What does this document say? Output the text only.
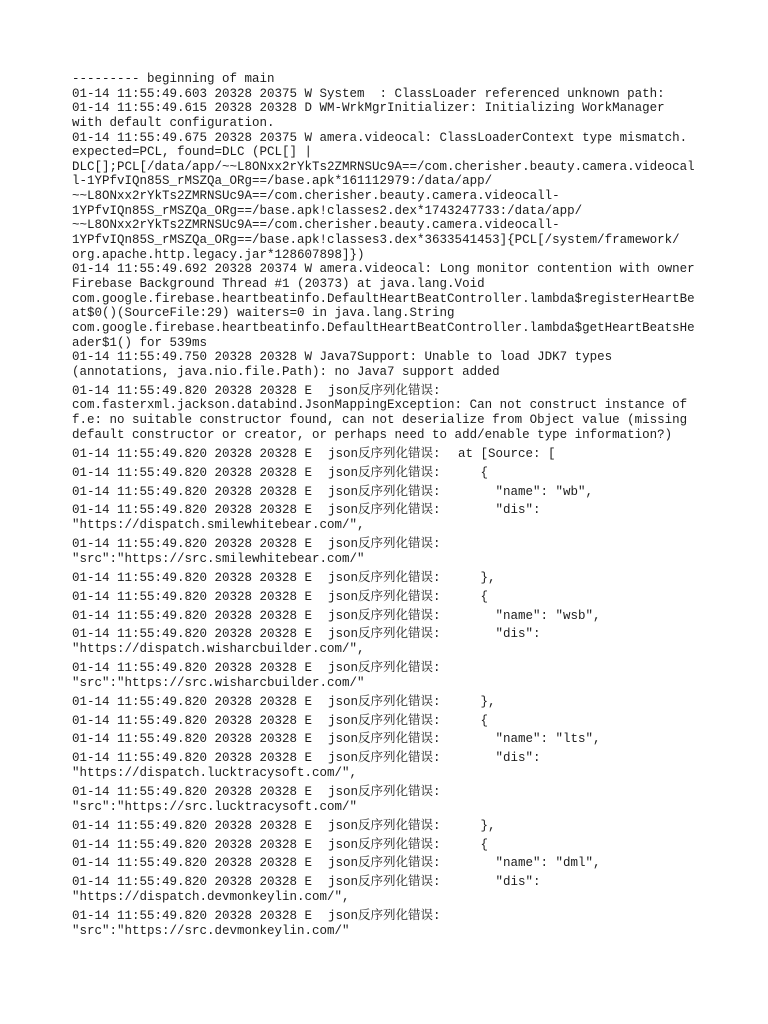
--------- beginning of main
01-14 11:55:49.603 20328 20375 W System  : ClassLoader referenced unknown path:
01-14 11:55:49.615 20328 20328 D WM-WrkMgrInitializer: Initializing WorkManager
with default configuration.
01-14 11:55:49.675 20328 20375 W amera.videocal: ClassLoaderContext type mismatch.
expected=PCL, found=DLC (PCL[] |
DLC[];PCL[/data/app/~~L8ONxx2rYkTs2ZMRNSUc9A==/com.cherisher.beauty.camera.videocal
l-1YPfvIQn85S_rMSZQa_ORg==/base.apk*161112979:/data/app/
~~L8ONxx2rYkTs2ZMRNSUc9A==/com.cherisher.beauty.camera.videocall-
1YPfvIQn85S_rMSZQa_ORg==/base.apk!classes2.dex*1743247733:/data/app/
~~L8ONxx2rYkTs2ZMRNSUc9A==/com.cherisher.beauty.camera.videocall-
1YPfvIQn85S_rMSZQa_ORg==/base.apk!classes3.dex*3633541453]{PCL[/system/framework/
org.apache.http.legacy.jar*128607898]})
01-14 11:55:49.692 20328 20374 W amera.videocal: Long monitor contention with owner
Firebase Background Thread #1 (20373) at java.lang.Void
com.google.firebase.heartbeatinfo.DefaultHeartBeatController.lambda$registerHeartBe
at$0()(SourceFile:29) waiters=0 in java.lang.String
com.google.firebase.heartbeatinfo.DefaultHeartBeatController.lambda$getHeartBeatsHe
ader$1() for 539ms
01-14 11:55:49.750 20328 20328 W Java7Support: Unable to load JDK7 types
(annotations, java.nio.file.Path): no Java7 support added
01-14 11:55:49.820 20328 20328 E json反序列化错误:
com.fasterxml.jackson.databind.JsonMappingException: Can not construct instance of
f.e: no suitable constructor found, can not deserialize from Object value (missing
default constructor or creator, or perhaps need to add/enable type information?)
01-14 11:55:49.820 20328 20328 E json反序列化错误:  at [Source: [
01-14 11:55:49.820 20328 20328 E json反序列化错误:     {
01-14 11:55:49.820 20328 20328 E json反序列化错误:       "name": "wb",
01-14 11:55:49.820 20328 20328 E json反序列化错误:       "dis":
"https://dispatch.smilewhitebear.com/",
01-14 11:55:49.820 20328 20328 E json反序列化错误:
"src":"https://src.smilewhitebear.com/"
01-14 11:55:49.820 20328 20328 E json反序列化错误:     },
01-14 11:55:49.820 20328 20328 E json反序列化错误:     {
01-14 11:55:49.820 20328 20328 E json反序列化错误:       "name": "wsb",
01-14 11:55:49.820 20328 20328 E json反序列化错误:       "dis":
"https://dispatch.wisharcbuilder.com/",
01-14 11:55:49.820 20328 20328 E json反序列化错误:
"src":"https://src.wisharcbuilder.com/"
01-14 11:55:49.820 20328 20328 E json反序列化错误:     },
01-14 11:55:49.820 20328 20328 E json反序列化错误:     {
01-14 11:55:49.820 20328 20328 E json反序列化错误:       "name": "lts",
01-14 11:55:49.820 20328 20328 E json反序列化错误:       "dis":
"https://dispatch.lucktracysoft.com/",
01-14 11:55:49.820 20328 20328 E json反序列化错误:
"src":"https://src.lucktracysoft.com/"
01-14 11:55:49.820 20328 20328 E json反序列化错误:     },
01-14 11:55:49.820 20328 20328 E json反序列化错误:     {
01-14 11:55:49.820 20328 20328 E json反序列化错误:       "name": "dml",
01-14 11:55:49.820 20328 20328 E json反序列化错误:       "dis":
"https://dispatch.devmonkeylin.com/",
01-14 11:55:49.820 20328 20328 E json反序列化错误:
"src":"https://src.devmonkeylin.com/"
